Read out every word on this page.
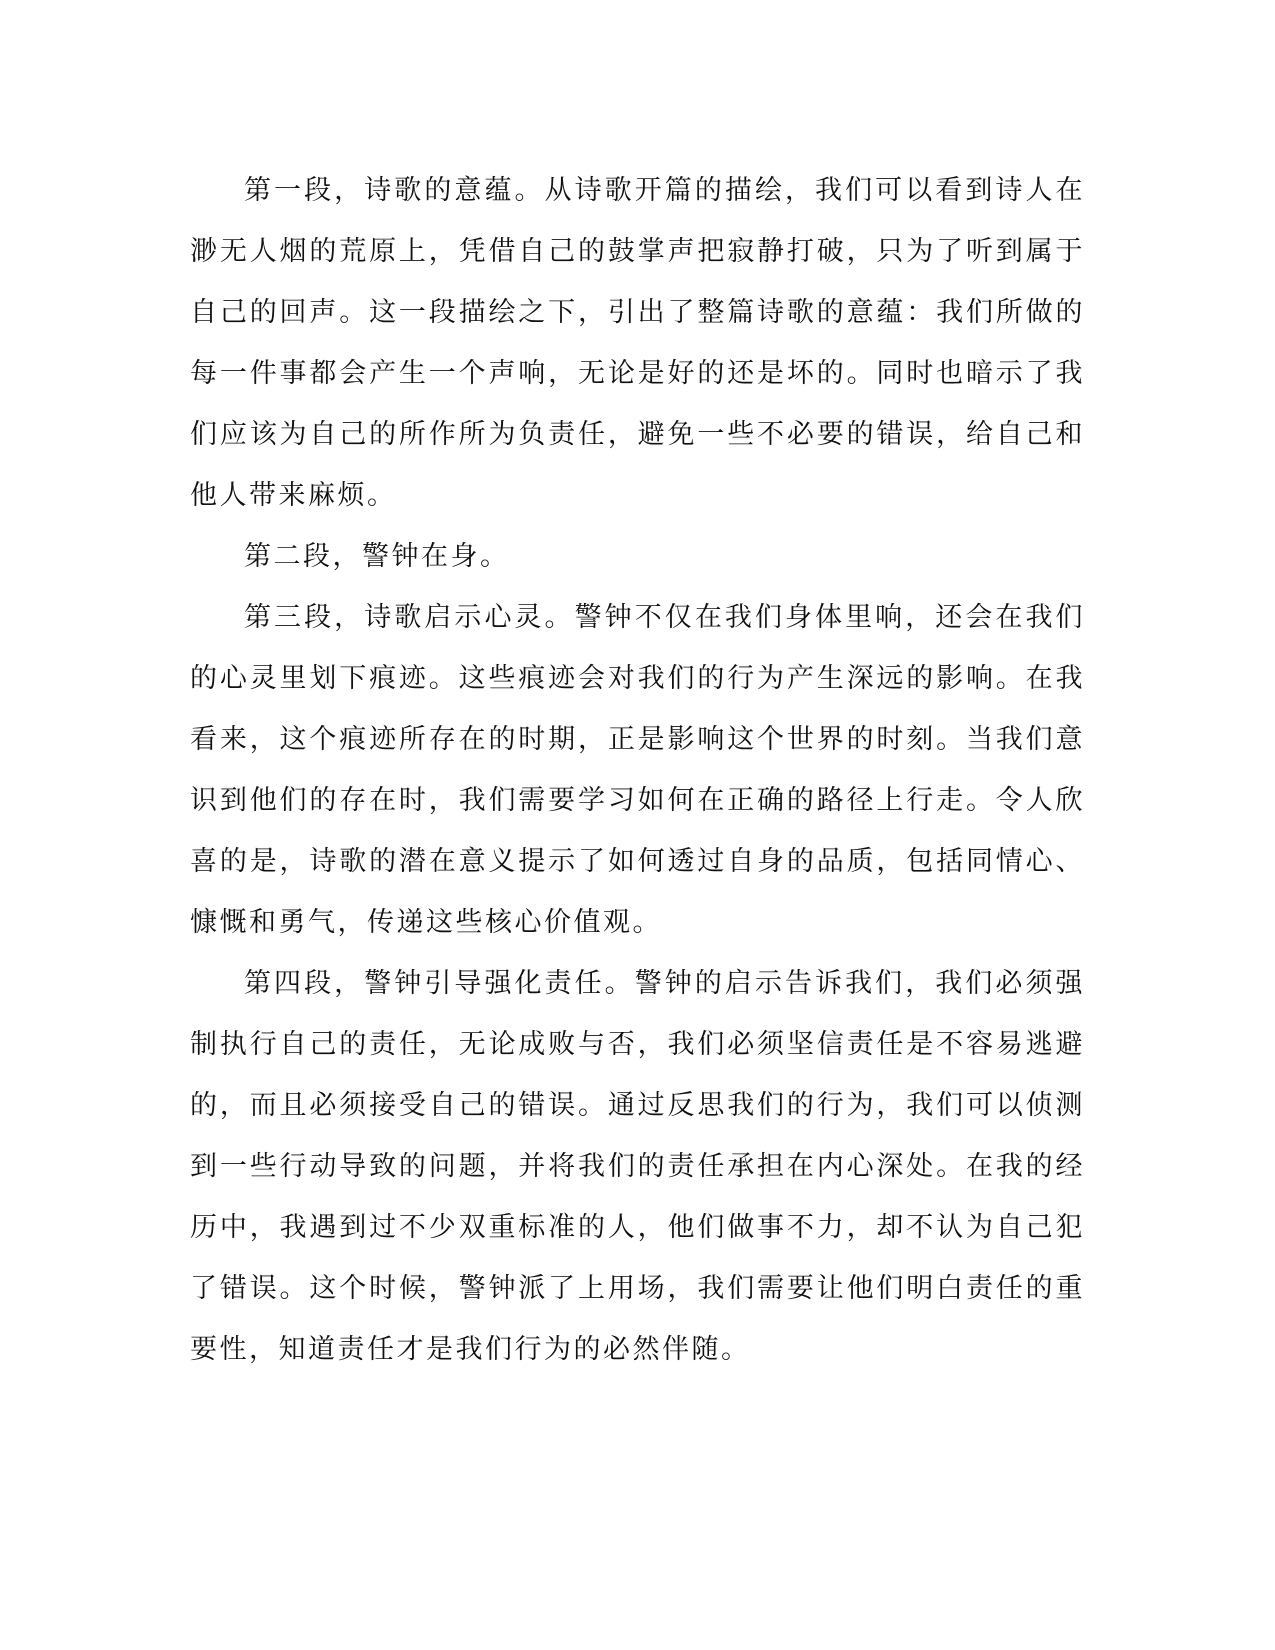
第一段，诗歌的意蕴。从诗歌开篇的描绘，我们可以看到诗人在渺无人烟的荒原上，凭借自己的鼓掌声把寂静打破，只为了听到属于自己的回声。这一段描绘之下，引出了整篇诗歌的意蕴：我们所做的每一件事都会产生一个声响，无论是好的还是坏的。同时也暗示了我们应该为自己的所作所为负责任，避免一些不必要的错误，给自己和他人带来麻烦。

第二段，警钟在身。

第三段，诗歌启示心灵。警钟不仅在我们身体里响，还会在我们的心灵里划下痕迹。这些痕迹会对我们的行为产生深远的影响。在我看来，这个痕迹所存在的时期，正是影响这个世界的时刻。当我们意识到他们的存在时，我们需要学习如何在正确的路径上行走。令人欣喜的是，诗歌的潜在意义提示了如何透过自身的品质，包括同情心、慷慨和勇气，传递这些核心价值观。

第四段，警钟引导强化责任。警钟的启示告诉我们，我们必须强制执行自己的责任，无论成败与否，我们必须坚信责任是不容易逃避的，而且必须接受自己的错误。通过反思我们的行为，我们可以侦测到一些行动导致的问题，并将我们的责任承担在内心深处。在我的经历中，我遇到过不少双重标准的人，他们做事不力，却不认为自己犯了错误。这个时候，警钟派了上用场，我们需要让他们明白责任的重要性，知道责任才是我们行为的必然伴随。
